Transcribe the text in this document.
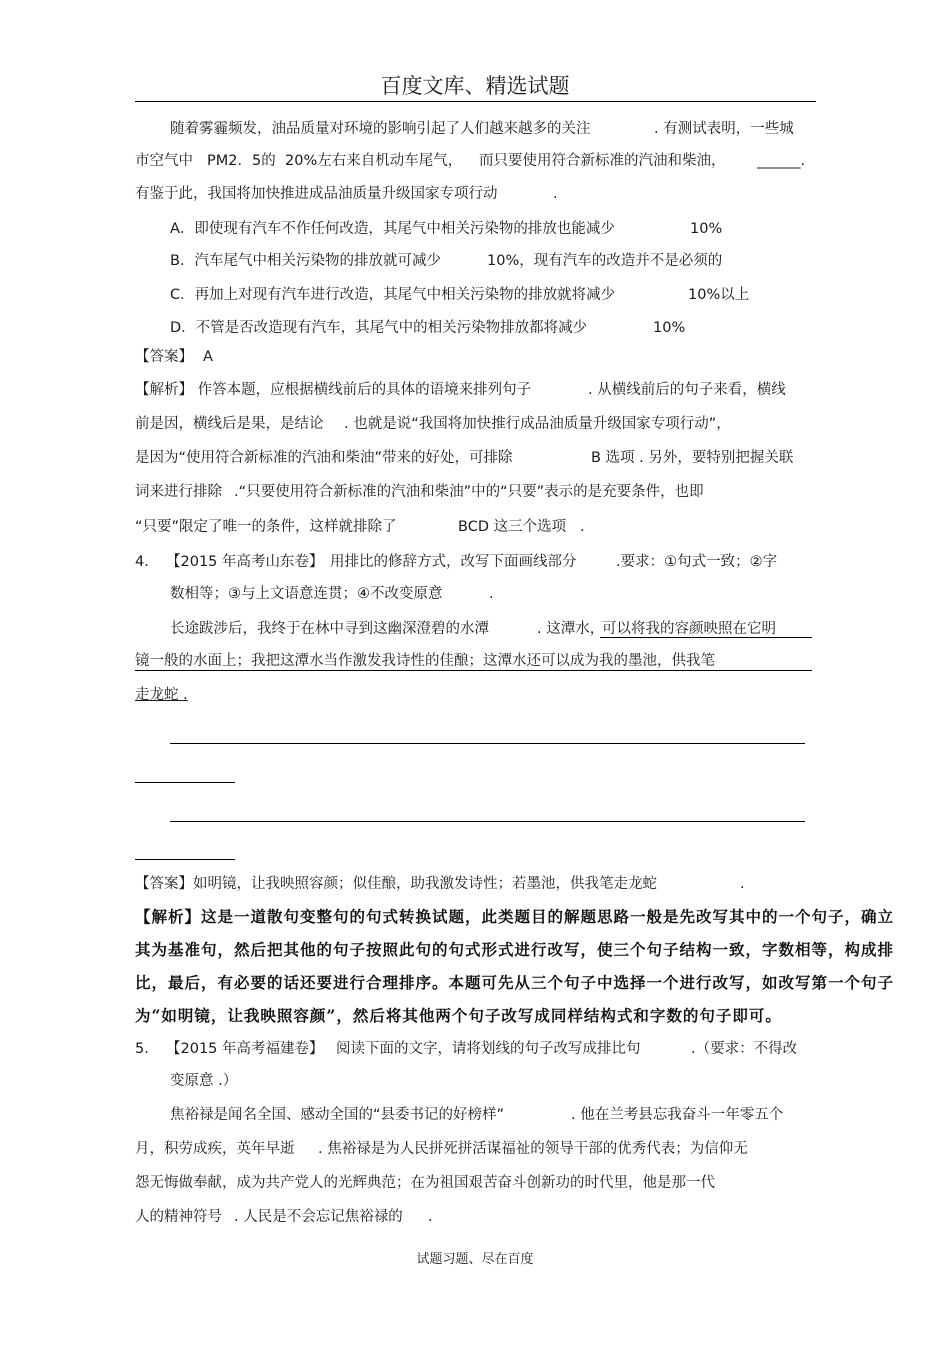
百度文库、精选试题
随着雾霾频发，油品质量对环境的影响引起了人们越来越多的关注	. 有测试表明，一些城
市空气中 PM2．5的 20%左右来自机动车尾气， 而只要使用符合新标准的汽油和柴油， ______.
有鉴于此，我国将加快推进成品油质量升级国家专项行动	.
A．即使现有汽车不作任何改造，其尾气中相关污染物的排放也能减少	10%
B．汽车尾气中相关污染物的排放就可减少	10%，现有汽车的改造并不是必须的
C．再加上对现有汽车进行改造，其尾气中相关污染物的排放就将减少	10%以上
D．不管是否改造现有汽车，其尾气中的相关污染物排放都将减少	10%
【答案】 A
【解析】 作答本题，应根据横线前后的具体的语境来排列句子	. 从横线前后的句子来看，横线
前是因，横线后是果，是结论 . 也就是说“我国将加快推行成品油质量升级国家专项行动”，
是因为“使用符合新标准的汽油和柴油”带来的好处，可排除	B 选项 . 另外，要特别把握关联
词来进行排除 .“只要使用符合新标准的汽油和柴油”中的“只要”表示的是充要条件，也即
“只要”限定了唯一的条件，这样就排除了	BCD 这三个选项 .
4. 【2015 年高考山东卷】 用排比的修辞方式，改写下面画线部分	.要求：①句式一致；②字
数相等；③与上文语意连贯；④不改变原意	.
长途跋涉后，我终于在林中寻到这幽深澄碧的水潭	. 这潭水，
可以将我的容颜映照在它明
镜一般的水面上；我把这潭水当作激发我诗性的佳酿；这潭水还可以成为我的墨池，供我笔
走龙蛇 .
【答案】如明镜，让我映照容颜；似佳酿，助我激发诗性；若墨池，供我笔走龙蛇	.
【解析】这是一道散句变整句的句式转换试题，此类题目的解题思路一般是先改写其中的一个句子，确立
其为基准句，然后把其他的句子按照此句的句式形式进行改写，使三个句子结构一致，字数相等，构成排
比，最后，有必要的话还要进行合理排序。本题可先从三个句子中选择一个进行改写，如改写第一个句子
为“如明镜，让我映照容颜”，然后将其他两个句子改写成同样结构式和字数的句子即可。
5. 【2015 年高考福建卷】 阅读下面的文字，请将划线的句子改写成排比句	.（要求：不得改
变原意 .）
焦裕禄是闻名全国、感动全国的“县委书记的好榜样”	. 他在兰考县忘我奋斗一年零五个
月，积劳成疾，英年早逝 . 焦裕禄是为人民拼死拼活谋福祉的领导干部的优秀代表；为信仰无
怨无悔做奉献，成为共产党人的光辉典范；在为祖国艰苦奋斗创新功的时代里，他是那一代
人的精神符号 . 人民是不会忘记焦裕禄的 .
试题习题、尽在百度
